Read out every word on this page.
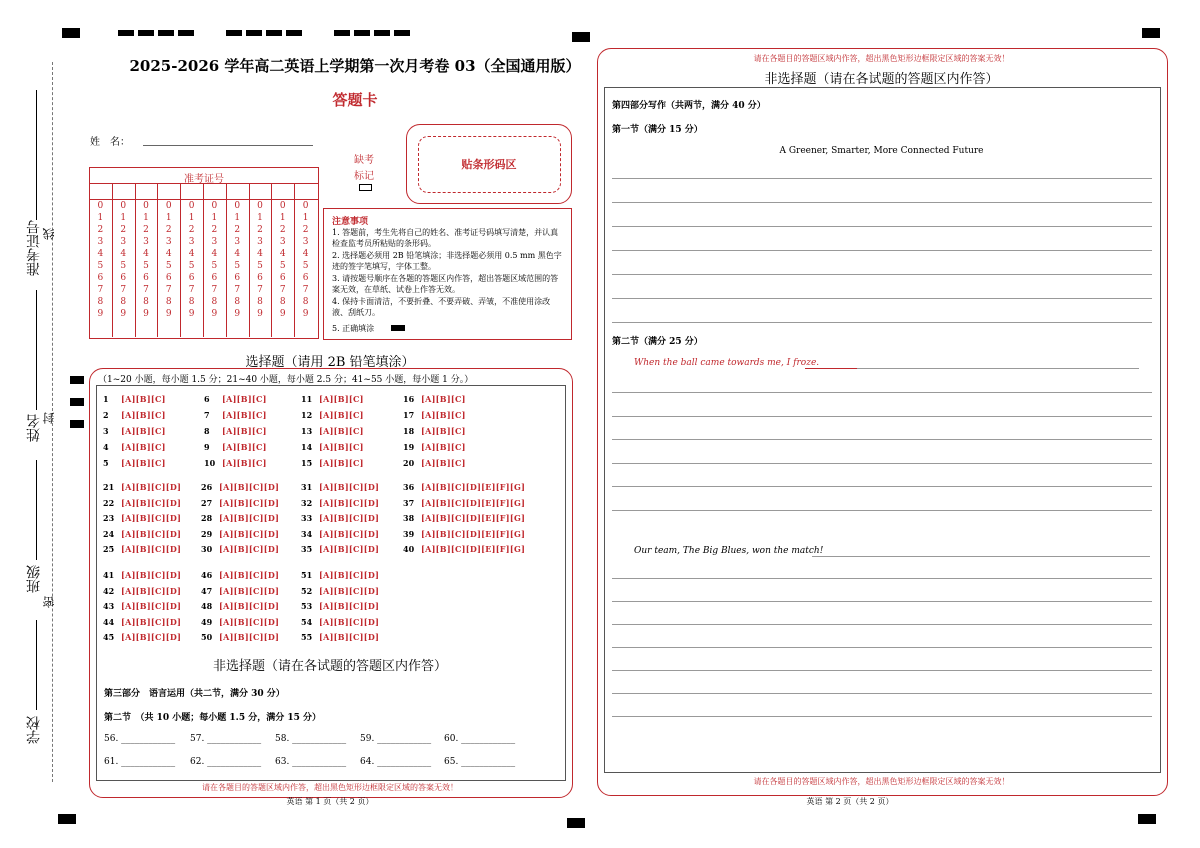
准考证号 线
姓名 封
班级
密
学校
2025-2026 学年高二英语上学期第一次月考卷 03（全国通用版）
答题卡
姓　名：
准考证号
0
1
2
3
4
5
6
7
8
9
0
1
2
3
4
5
6
7
8
9
0
1
2
3
4
5
6
7
8
9
0
1
2
3
4
5
6
7
8
9
0
1
2
3
4
5
6
7
8
9
0
1
2
3
4
5
6
7
8
9
0
1
2
3
4
5
6
7
8
9
0
1
2
3
4
5
6
7
8
9
0
1
2
3
4
5
6
7
8
9
0
1
2
3
4
5
6
7
8
9
缺考
标记
贴条形码区
注意事项
1. 答题前，考生先将自己的姓名、准考证号码填写清楚，并认真检查监考员所粘贴的条形码。
2. 选择题必须用 2B 铅笔填涂；非选择题必须用 0.5 mm 黑色字迹的签字笔填写，字体工整。
3. 请按题号顺序在各题的答题区内作答，超出答题区域范围的答案无效，在草纸、试卷上作答无效。
4. 保持卡面清洁，不要折叠、不要弄破、弄皱，不准使用涂改液、刮纸刀。
5. 正确填涂
选择题（请用 2B 铅笔填涂）
（1~20 小题，每小题 1.5 分；21~40 小题，每小题 2.5 分；41~55 小题，每小题 1 分。）
1 [A][B][C]
2 [A][B][C]
3 [A][B][C]
4 [A][B][C]
5 [A][B][C]
6 [A][B][C]
7 [A][B][C]
8 [A][B][C]
9 [A][B][C]
10 [A][B][C]
11 [A][B][C]
12 [A][B][C]
13 [A][B][C]
14 [A][B][C]
15 [A][B][C]
16 [A][B][C]
17 [A][B][C]
18 [A][B][C]
19 [A][B][C]
20 [A][B][C]
21 [A][B][C][D]
22 [A][B][C][D]
23 [A][B][C][D]
24 [A][B][C][D]
25 [A][B][C][D]
26 [A][B][C][D]
27 [A][B][C][D]
28 [A][B][C][D]
29 [A][B][C][D]
30 [A][B][C][D]
31 [A][B][C][D]
32 [A][B][C][D]
33 [A][B][C][D]
34 [A][B][C][D]
35 [A][B][C][D]
36 [A][B][C][D][E][F][G]
37 [A][B][C][D][E][F][G]
38 [A][B][C][D][E][F][G]
39 [A][B][C][D][E][F][G]
40 [A][B][C][D][E][F][G]
41 [A][B][C][D]
42 [A][B][C][D]
43 [A][B][C][D]
44 [A][B][C][D]
45 [A][B][C][D]
46 [A][B][C][D]
47 [A][B][C][D]
48 [A][B][C][D]
49 [A][B][C][D]
50 [A][B][C][D]
51 [A][B][C][D]
52 [A][B][C][D]
53 [A][B][C][D]
54 [A][B][C][D]
55 [A][B][C][D]
非选择题（请在各试题的答题区内作答）
第三部分　语言运用（共二节，满分 30 分）
第二节　（共 10 小题；每小题 1.5 分，满分 15 分）
56. ____________ 57. ____________ 58. ____________ 59. ____________ 60. ____________
61. ____________ 62. ____________ 63. ____________ 64. ____________ 65. ____________
请在各题目的答题区域内作答，超出黑色矩形边框限定区域的答案无效！
英语 第 1 页（共 2 页）
请在各题目的答题区域内作答，超出黑色矩形边框限定区域的答案无效！
非选择题（请在各试题的答题区内作答）
第四部分写作（共两节，满分 40 分）
第一节（满分 15 分）
A Greener, Smarter, More Connected Future
第二节（满分 25 分）
When the ball came towards me, I froze.
Our team, The Big Blues, won the match!
请在各题目的答题区域内作答，超出黑色矩形边框限定区域的答案无效！
英语 第 2 页（共 2 页）
